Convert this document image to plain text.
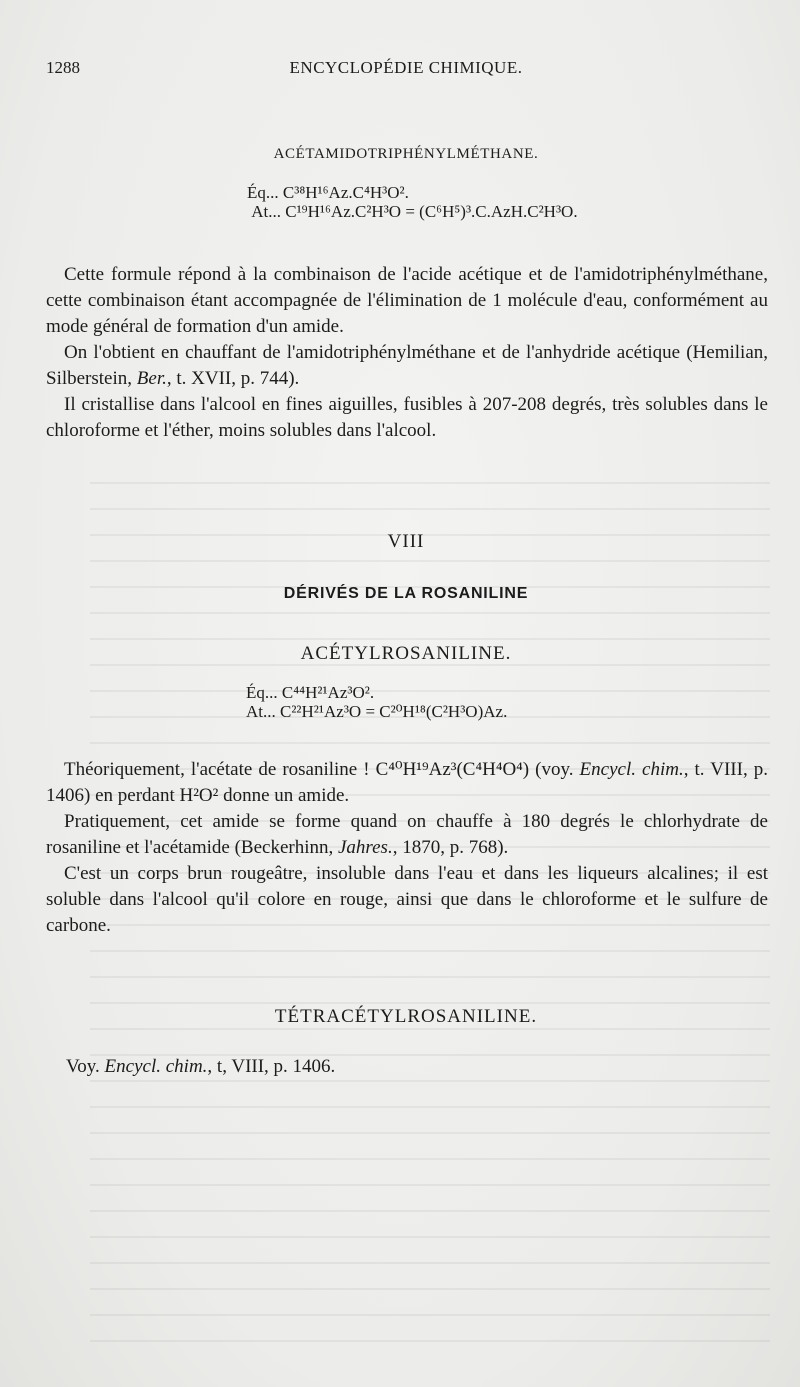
1288	ENCYCLOPÉDIE CHIMIQUE.
ACÉTAMIDOTRIPHÉNYLMÉTHANE.
Éq... C³⁸H¹⁶Az.C⁴H³O².
At... C¹⁹H¹⁶Az.C²H³O = (C⁶H⁵)³.C.AzH.C²H³O.

Cette formule répond à la combinaison de l'acide acétique et de l'amidotriphénylméthane, cette combinaison étant accompagnée de l'élimination de 1 molécule d'eau, conformément au mode général de formation d'un amide.

On l'obtient en chauffant de l'amidotriphénylméthane et de l'anhydride acétique (Hemilian, Silberstein, Ber., t. XVII, p. 744).

Il cristallise dans l'alcool en fines aiguilles, fusibles à 207-208 degrés, très solubles dans le chloroforme et l'éther, moins solubles dans l'alcool.

VIII
DÉRIVÉS DE LA ROSANILINE
ACÉTYLROSANILINE.
Éq... C⁴⁴H²¹Az³O².
At... C²²H²¹Az³O = C²⁰H¹⁸(C²H³O)Az.

Théoriquement, l'acétate de rosaniline ! C⁴⁰H¹⁹Az³(C⁴H⁴O⁴) (voy. Encycl. chim., t. VIII, p. 1406) en perdant H²O² donne un amide.

Pratiquement, cet amide se forme quand on chauffe à 180 degrés le chlorhydrate de rosaniline et l'acétamide (Beckerhinn, Jahres., 1870, p. 768).

C'est un corps brun rougeâtre, insoluble dans l'eau et dans les liqueurs alcalines; il est soluble dans l'alcool qu'il colore en rouge, ainsi que dans le chloroforme et le sulfure de carbone.

TÉTRACÉTYLROSANILINE.
Voy. Encycl. chim., t, VIII, p. 1406.
